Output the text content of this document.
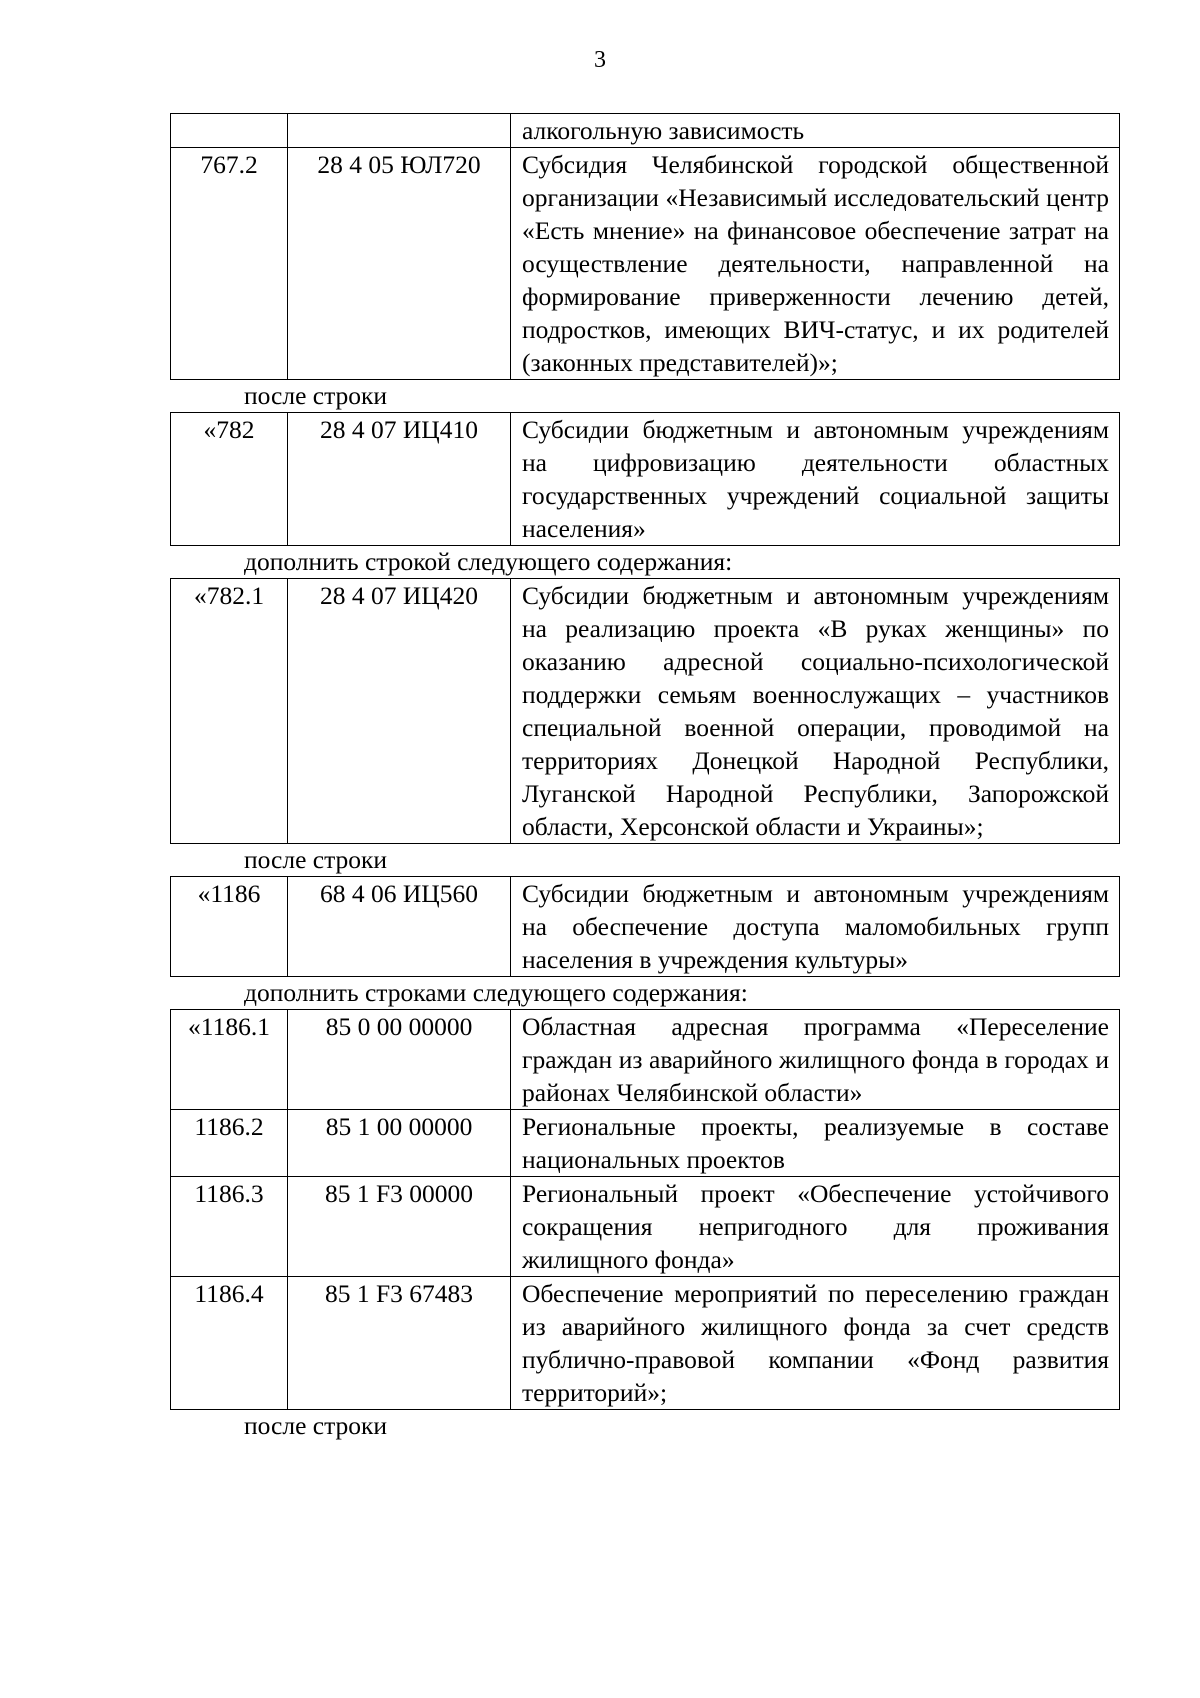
3
		алкогольную зависимость
767.2	28 4 05 ЮЛ720	Субсидия Челябинской городской общественной организации «Независимый исследовательский центр «Есть мнение» на финансовое обеспечение затрат на осуществление деятельности, направленной на формирование приверженности лечению детей, подростков, имеющих ВИЧ-статус, и их родителей (законных представителей)»;
после строки
«782	28 4 07 ИЦ410	Субсидии бюджетным и автономным учреждениям на цифровизацию деятельности областных государственных учреждений социальной защиты населения»
дополнить строкой следующего содержания:
«782.1	28 4 07 ИЦ420	Субсидии бюджетным и автономным учреждениям на реализацию проекта «В руках женщины» по оказанию адресной социально-психологической поддержки семьям военнослужащих – участников специальной военной операции, проводимой на территориях Донецкой Народной Республики, Луганской Народной Республики, Запорожской области, Херсонской области и Украины»;
после строки
«1186	68 4 06 ИЦ560	Субсидии бюджетным и автономным учреждениям на обеспечение доступа маломобильных групп населения в учреждения культуры»
дополнить строками следующего содержания:
«1186.1	85 0 00 00000	Областная адресная программа «Переселение граждан из аварийного жилищного фонда в городах и районах Челябинской области»
1186.2	85 1 00 00000	Региональные проекты, реализуемые в составе национальных проектов
1186.3	85 1 F3 00000	Региональный проект «Обеспечение устойчивого сокращения непригодного для проживания жилищного фонда»
1186.4	85 1 F3 67483	Обеспечение мероприятий по переселению граждан из аварийного жилищного фонда за счет средств публично-правовой компании «Фонд развития территорий»;
после строки
